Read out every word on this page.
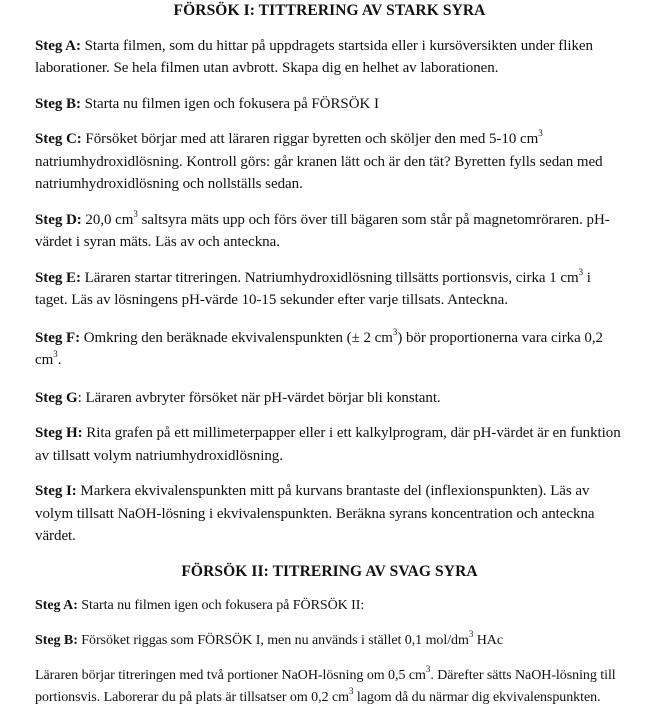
FÖRSÖK I: TITTRERING AV STARK SYRA

Steg A: Starta filmen, som du hittar på uppdragets startsida eller i kursöversikten under fliken laborationer. Se hela filmen utan avbrott. Skapa dig en helhet av laborationen.

Steg B: Starta nu filmen igen och fokusera på FÖRSÖK I

Steg C: Försöket börjar med att läraren riggar byretten och sköljer den med 5-10 $cm^3$ natriumhydroxidlösning. Kontroll görs: går kranen lätt och är den tät? Byretten fylls sedan med natriumhydroxidlösning och nollställs sedan.

Steg D: 20,0 $cm^3$ saltsyra mäts upp och förs över till bägaren som står på magnetomröraren. pH-värdet i syran mäts. Läs av och anteckna.

Steg E: Läraren startar titreringen. Natriumhydroxidlösning tillsätts portionsvis, cirka 1 $cm^3$ i taget. Läs av lösningens pH-värde 10-15 sekunder efter varje tillsats. Anteckna.

Steg F: Omkring den beräknade ekvivalenspunkten (± 2 $cm^3$) bör proportionerna vara cirka 0,2 $cm^3$.

Steg G: Läraren avbryter försöket när pH-värdet börjar bli konstant.

Steg H: Rita grafen på ett millimeterpapper eller i ett kalkylprogram, där pH-värdet är en funktion av tillsatt volym natriumhydroxidlösning.

Steg I: Markera ekvivalenspunkten mitt på kurvans brantaste del (inflexionspunkten). Läs av volym tillsatt NaOH-lösning i ekvivalenspunkten. Beräkna syrans koncentration och anteckna värdet.

FÖRSÖK II: TITRERING AV SVAG SYRA

Steg A: Starta nu filmen igen och fokusera på FÖRSÖK II:

Steg B: Försöket riggas som FÖRSÖK I, men nu används i stället 0,1 mol/$dm^3$ HAc

Läraren börjar titreringen med två portioner NaOH-lösning om 0,5 $cm^3$. Därefter sätts NaOH-lösning till portionsvis. Laborerar du på plats är tillsatser om 0,2 $cm^3$ lagom då du närmar dig ekvivalenspunkten.
